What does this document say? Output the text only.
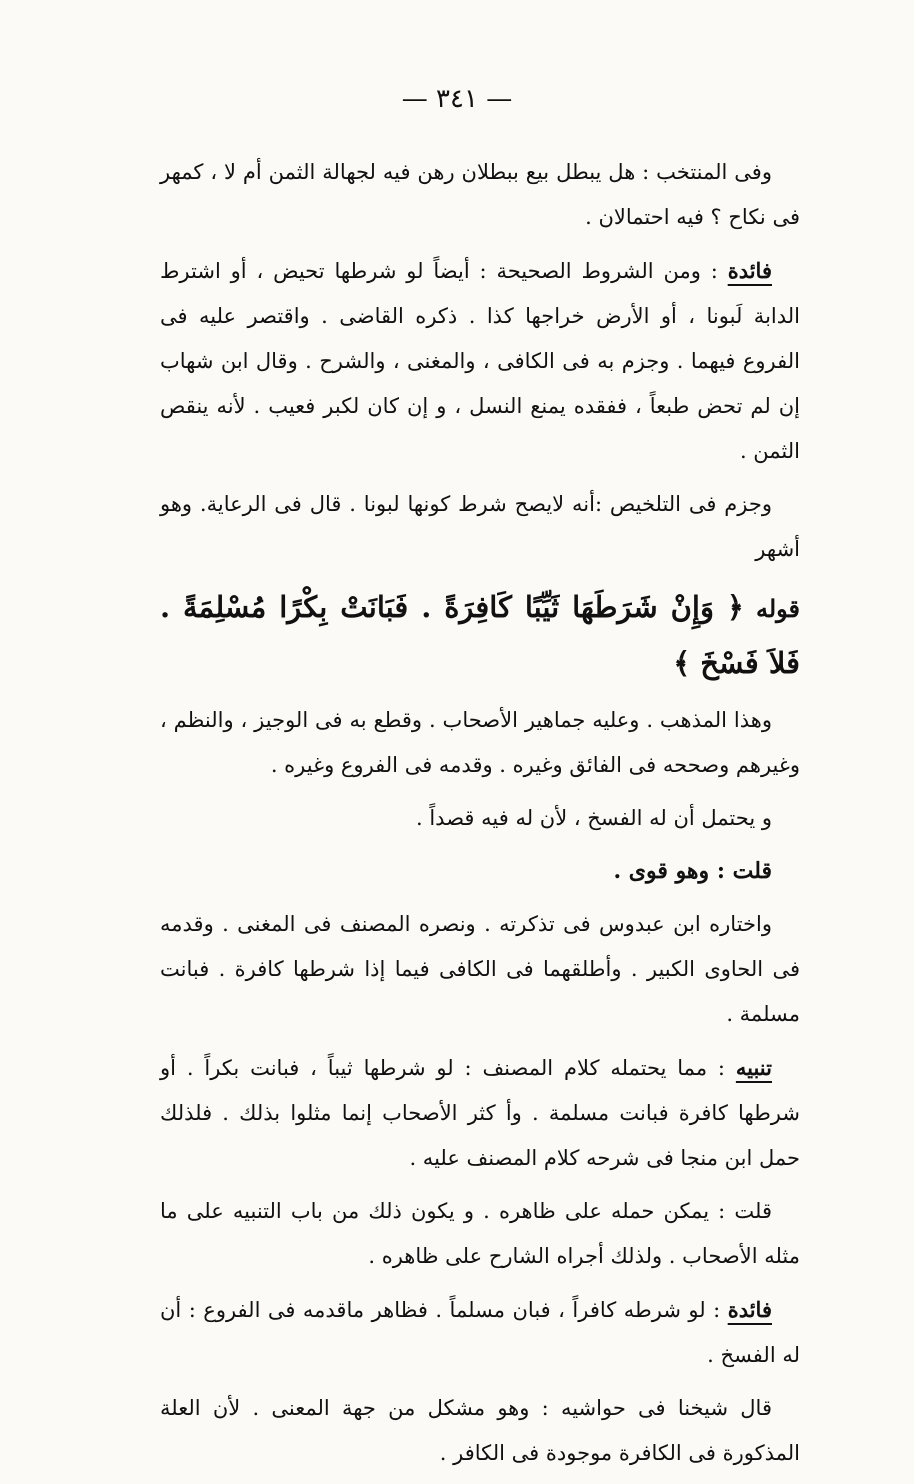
— ٣٤١ —

وفى المنتخب : هل يبطل بيع ببطلان رهن فيه لجهالة الثمن أم لا ، كمهر فى نكاح ؟ فيه احتمالان .

فائدة : ومن الشروط الصحيحة : أيضاً لو شرطها تحيض ، أو اشترط الدابة لَبونا ، أو الأرض خراجها كذا . ذكره القاضى . واقتصر عليه فى الفروع فيهما . وجزم به فى الكافى ، والمغنى ، والشرح . وقال ابن شهاب إن لم تحض طبعاً ، ففقده يمنع النسل ، و إن كان لكبر فعيب . لأنه ينقص الثمن .

وجزم فى التلخيص :أنه لايصح شرط كونها لبونا . قال فى الرعاية. وهو أشهر

قوله ﴿ وَإِنْ شَرَطَهَا ثَيِّبًا كَافِرَةً . فَبَانَتْ بِكْرًا مُسْلِمَةً . فَلاَ فَسْخَ ﴾

وهذا المذهب . وعليه جماهير الأصحاب . وقطع به فى الوجيز ، والنظم ، وغيرهم وصححه فى الفائق وغيره . وقدمه فى الفروع وغيره .

و يحتمل أن له الفسخ ، لأن له فيه قصداً .

قلت : وهو قوى .

واختاره ابن عبدوس فى تذكرته . ونصره المصنف فى المغنى . وقدمه فى الحاوى الكبير . وأطلقهما فى الكافى فيما إذا شرطها كافرة . فبانت مسلمة .

تنبيه : مما يحتمله كلام المصنف : لو شرطها ثيباً ، فبانت بكراً . أو شرطها كافرة فبانت مسلمة . وأ كثر الأصحاب إنما مثلوا بذلك . فلذلك حمل ابن منجا فى شرحه كلام المصنف عليه .

قلت : يمكن حمله على ظاهره . و يكون ذلك من باب التنبيه على ما مثله الأصحاب . ولذلك أجراه الشارح على ظاهره .

فائدة : لو شرطه كافراً ، فبان مسلماً . فظاهر ماقدمه فى الفروع : أن له الفسخ .

قال شيخنا فى حواشيه : وهو مشكل من جهة المعنى . لأن العلة المذكورة فى الكافرة موجودة فى الكافر .
